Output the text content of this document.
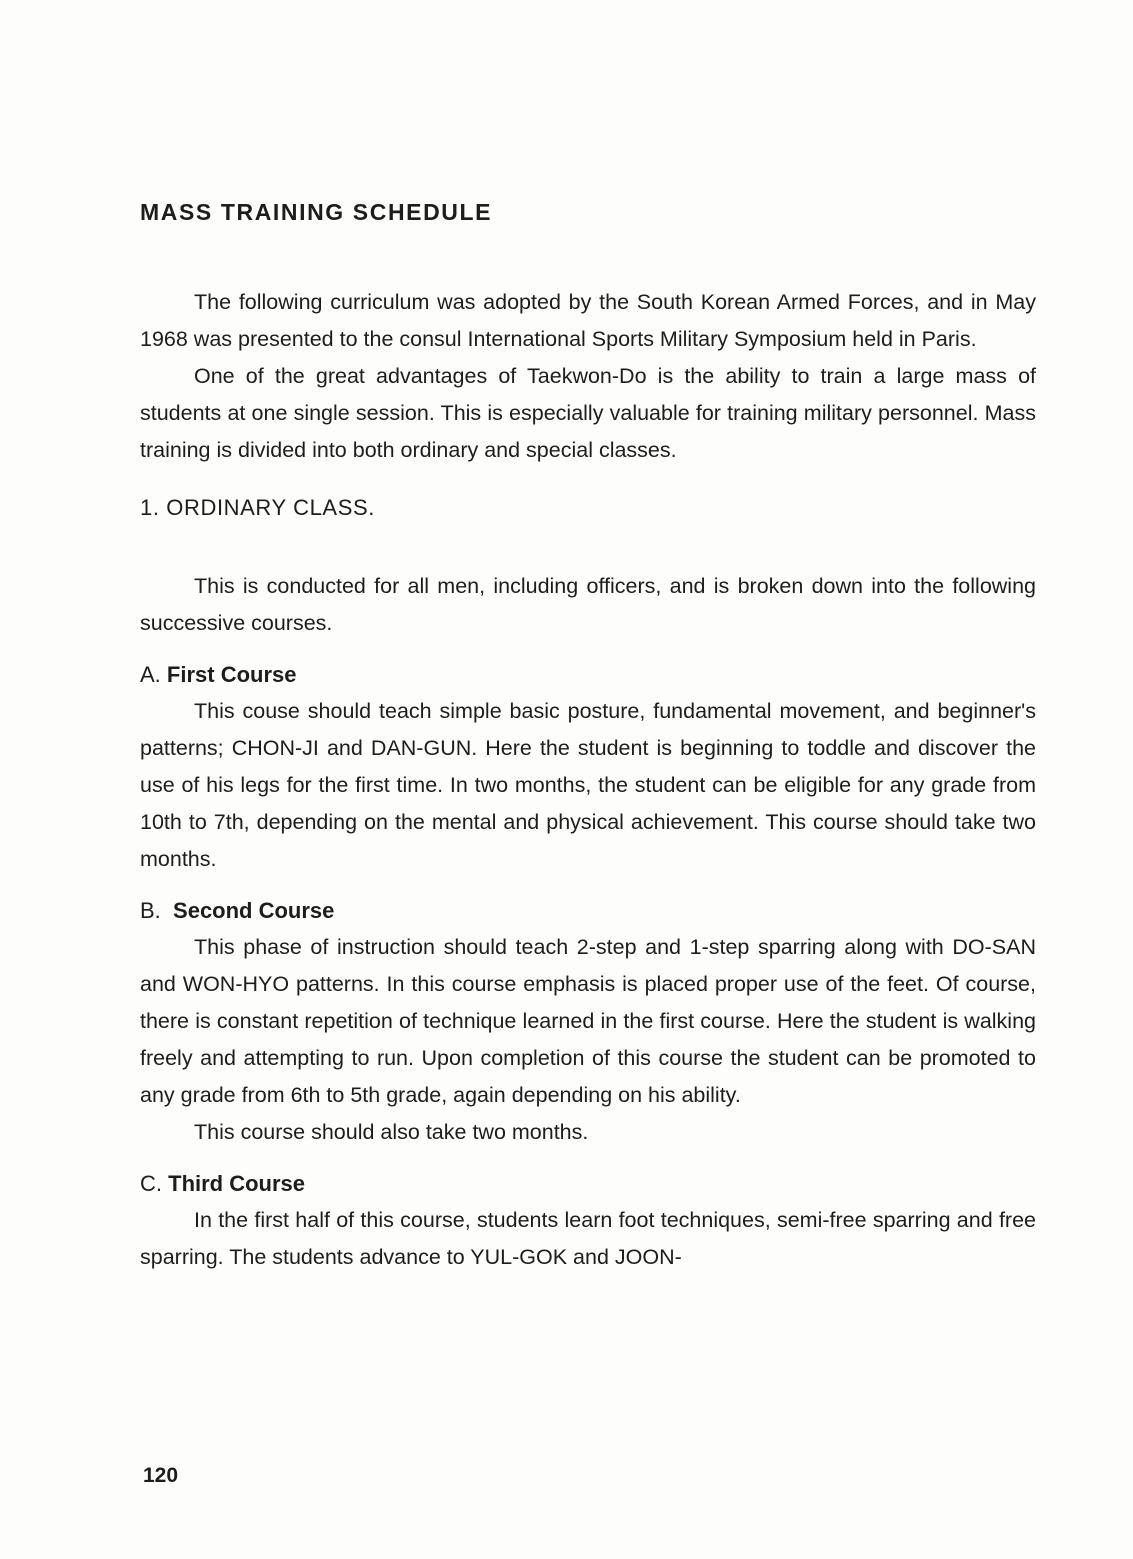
MASS TRAINING SCHEDULE

The following curriculum was adopted by the South Korean Armed Forces, and in May 1968 was presented to the consul International Sports Military Symposium held in Paris.

One of the great advantages of Taekwon-Do is the ability to train a large mass of students at one single session. This is especially valuable for training military personnel. Mass training is divided into both ordinary and special classes.

1. ORDINARY CLASS.

This is conducted for all men, including officers, and is broken down into the following successive courses.

A. First Course

This couse should teach simple basic posture, fundamental movement, and beginner's patterns; CHON-JI and DAN-GUN. Here the student is beginning to toddle and discover the use of his legs for the first time. In two months, the student can be eligible for any grade from 10th to 7th, depending on the mental and physical achievement. This course should take two months.

B. Second Course

This phase of instruction should teach 2-step and 1-step sparring along with DO-SAN and WON-HYO patterns. In this course emphasis is placed proper use of the feet. Of course, there is constant repetition of technique learned in the first course. Here the student is walking freely and attempting to run. Upon completion of this course the student can be promoted to any grade from 6th to 5th grade, again depending on his ability.

This course should also take two months.

C. Third Course

In the first half of this course, students learn foot techniques, semi-free sparring and free sparring. The students advance to YUL-GOK and JOON-

120
